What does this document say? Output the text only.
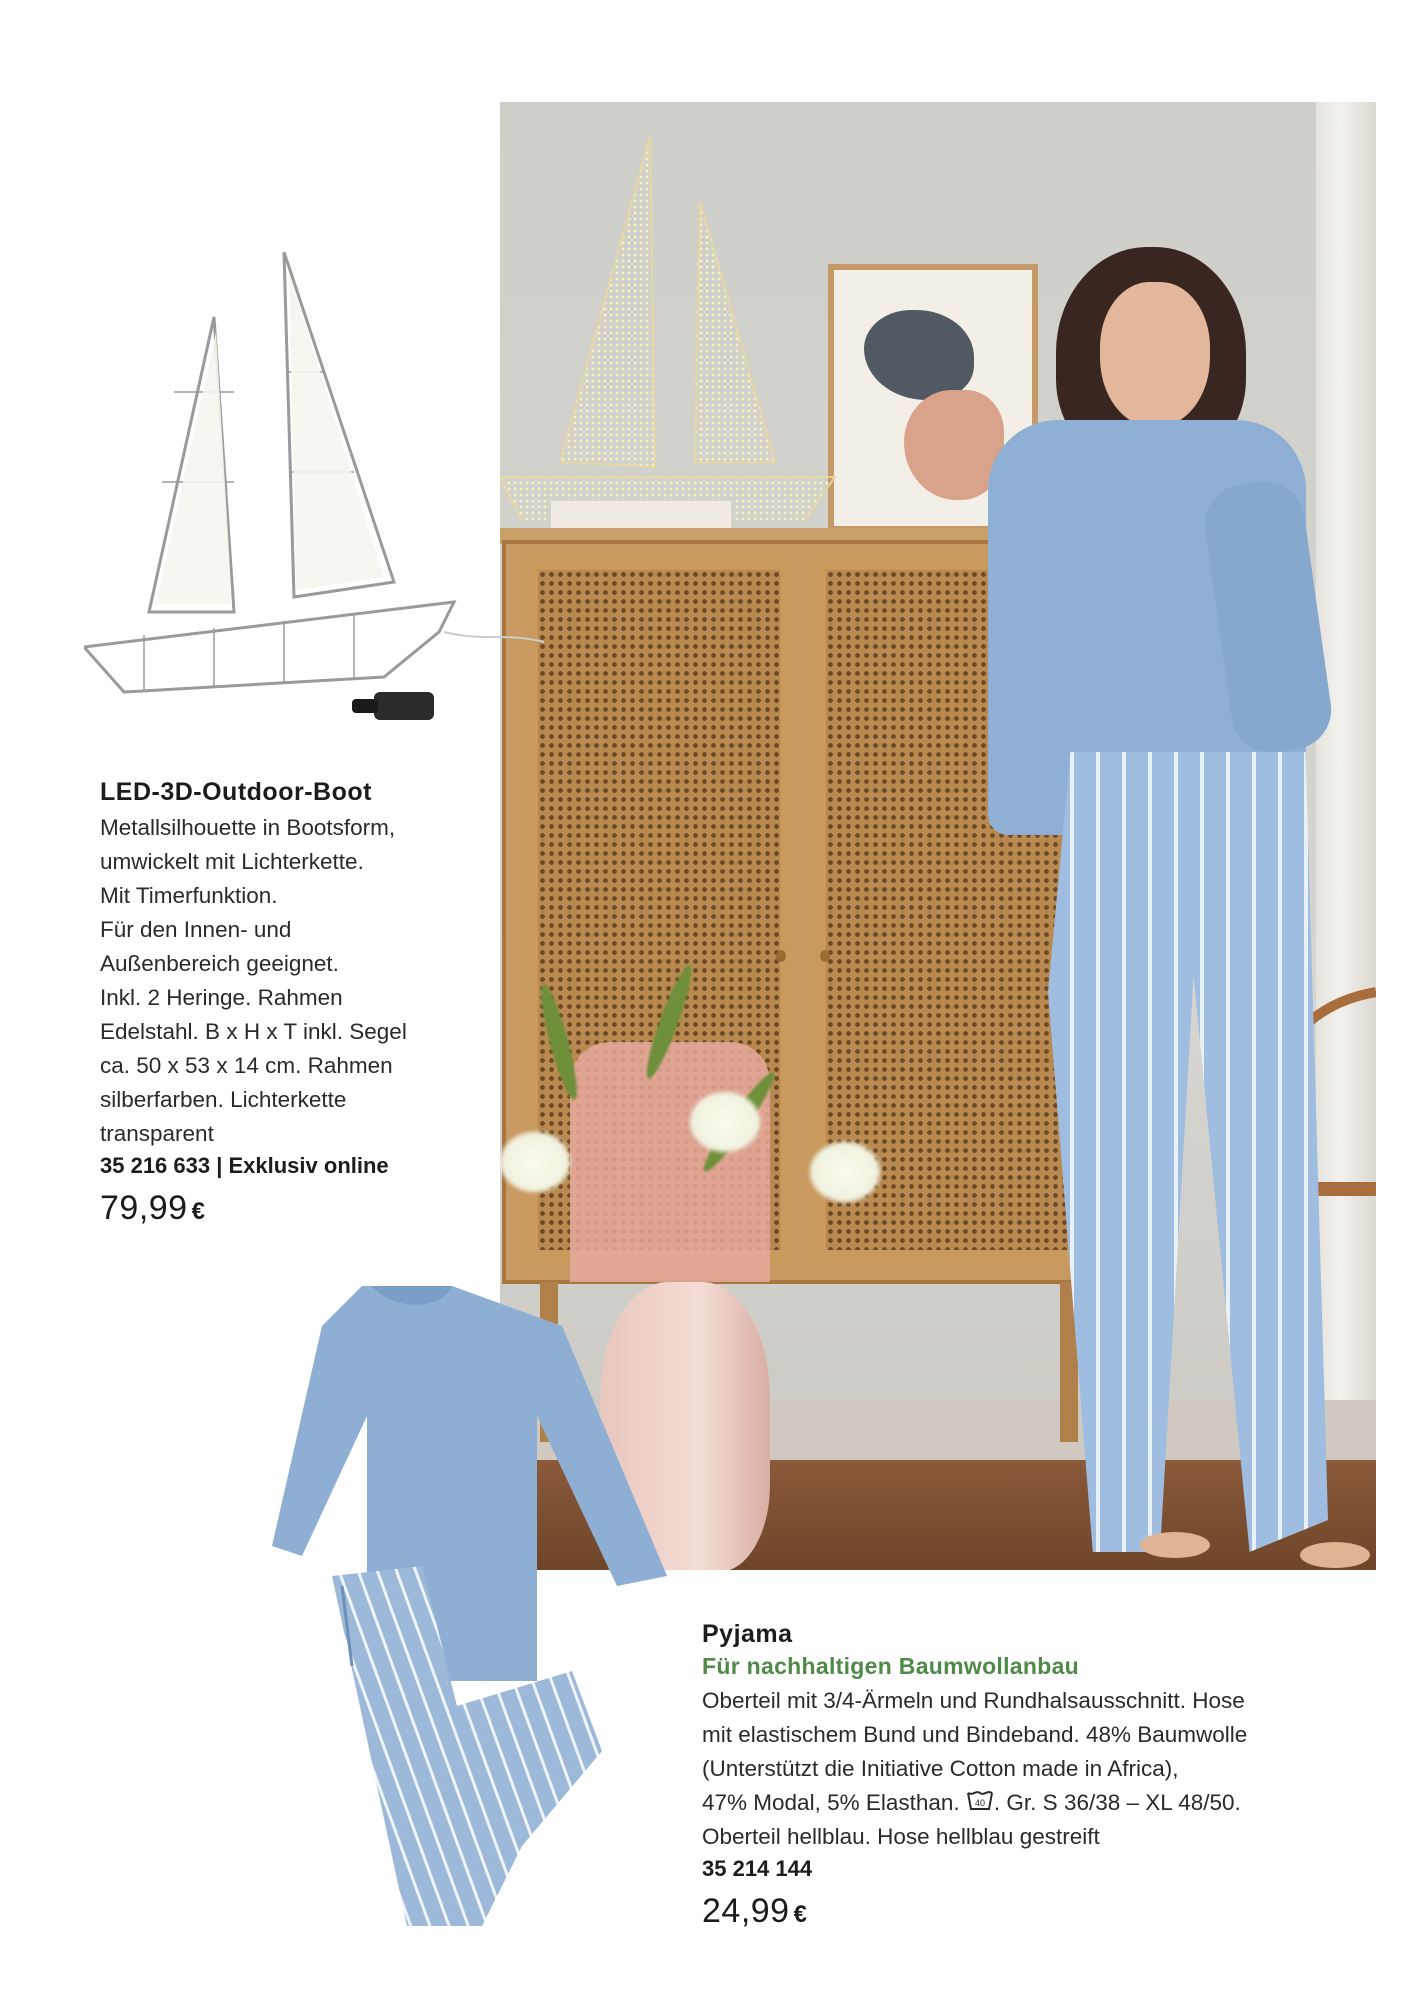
LED-3D-Outdoor-Boot

Metallsilhouette in Bootsform,
umwickelt mit Lichterkette.
Mit Timerfunktion.
Für den Innen- und
Außenbereich geeignet.
Inkl. 2 Heringe. Rahmen
Edelstahl. B x H x T inkl. Segel
ca. 50 x 53 x 14 cm. Rahmen
silberfarben. Lichterkette
transparent

35 216 633 | Exklusiv online
79,99 €
Pyjama
Für nachhaltigen Baumwollanbau

Oberteil mit 3/4-Ärmeln und Rundhalsausschnitt. Hose
mit elastischem Bund und Bindeband. 48% Baumwolle
(Unterstützt die Initiative Cotton made in Africa),
47% Modal, 5% Elasthan. 40 . Gr. S 36/38 – XL 48/50.
Oberteil hellblau. Hose hellblau gestreift

35 214 144
24,99 €
